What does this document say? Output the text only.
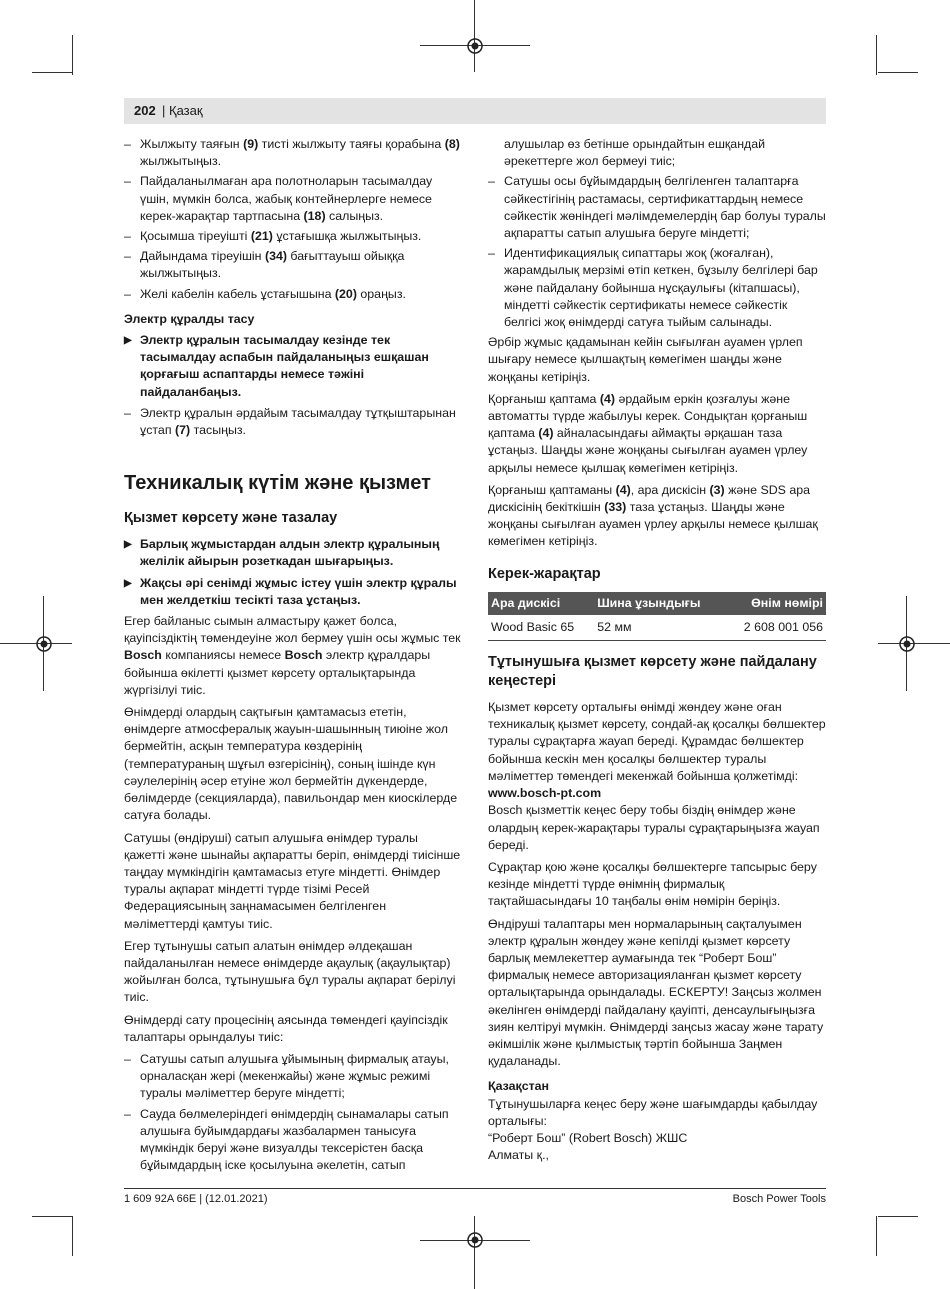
202 | Қазақ
– Жылжыту таяғын (9) тисті жылжыту таяғы қорабына (8) жылжытыңыз.
– Пайдаланылмаған ара полотноларын тасымалдау үшін, мүмкін болса, жабық контейнерлерге немесе керек-жарақтар тартпасына (18) салыңыз.
– Қосымша тіреуішті (21) ұстағышқа жылжытыңыз.
– Дайындама тіреуішін (34) бағыттауыш ойыққа жылжытыңыз.
– Желі кабелін кабель ұстағышына (20) ораңыз.
Электр құралды тасу
▶ Электр құралын тасымалдау кезінде тек тасымалдау аспабын пайдаланыңыз ешқашан қорғағыш аспаптарды немесе тәжіні пайдаланбаңыз.
– Электр құралын әрдайым тасымалдау тұтқыштарынан ұстап (7) тасыңыз.
Техникалық күтім және қызмет
Қызмет көрсету және тазалау
▶ Барлық жұмыстардан алдын электр құралының желілік айырын розеткадан шығарыңыз.
▶ Жақсы әрі сенімді жұмыс істеу үшін электр құралы мен желдеткіш тесікті таза ұстаңыз.

Егер байланыс сымын алмастыру қажет болса, қауіпсіздіктің төмендеуіне жол бермеу үшін осы жұмыс тек Bosch компаниясы немесе Bosch электр құралдары бойынша өкілетті қызмет көрсету орталықтарында жүргізілуі тиіс.

Өнімдерді олардың сақтығын қамтамасыз ететін, өнімдерге атмосфералық жауын-шашынның тиюіне жол бермейтін, асқын температура көздерінің (температураның шұғыл өзгерісінің), соның ішінде күн сәулелерінің әсер етуіне жол бермейтін дүкендерде, бөлімдерде (секцияларда), павильондар мен киоскілерде сатуға болады.

Сатушы (өндіруші) сатып алушыға өнімдер туралы қажетті және шынайы ақпаратты беріп, өнімдерді тиісінше таңдау мүмкіндігін қамтамасыз етуге міндетті. Өнімдер туралы ақпарат міндетті түрде тізімі Ресей Федерациясының заңнамасымен белгіленген мәліметтерді қамтуы тиіс.

Егер тұтынушы сатып алатын өнімдер әлдеқашан пайдаланылған немесе өнімдерде ақаулық (ақаулықтар) жойылған болса, тұтынушыға бұл туралы ақпарат берілуі тиіс.

Өнімдерді сату процесінің аясында төмендегі қауіпсіздік талаптары орындалуы тиіс:

– Сатушы сатып алушыға ұйымының фирмалық атауы, орналасқан жері (мекенжайы) және жұмыс режимі туралы мәліметтер беруге міндетті;
– Сауда бөлмелеріндегі өнімдердің сынамалары сатып алушыға буйымдардағы жазбалармен танысуға мүмкіндік беруі және визуалды тексерістен басқа бұйымдардың іске қосылуына әкелетін, сатып
алушылар өз бетінше орындайтын ешқандай әрекеттерге жол бермеуі тиіс;
– Сатушы осы бұйымдардың белгіленген талаптарға сәйкестігінің растамасы, сертификаттардың немесе сәйкестік жөніндегі мәлімдемелердің бар болуы туралы ақпаратты сатып алушыға беруге міндетті;
– Идентификациялық сипаттары жоқ (жоғалған), жарамдылық мерзімі өтіп кеткен, бұзылу белгілері бар және пайдалану бойынша нұсқаулығы (кітапшасы), міндетті сәйкестік сертификаты немесе сәйкестік белгісі жоқ өнімдерді сатуға тыйым салынады.

Әрбір жұмыс қадамынан кейін сығылған ауамен үрлеп шығару немесе қылшақтың көмегімен шаңды және жоңқаны кетіріңіз.

Қорғаныш қаптама (4) әрдайым еркін қозғалуы және автоматты түрде жабылуы керек. Сондықтан қорғаныш қаптама (4) айналасындағы аймақты әрқашан таза ұстаңыз. Шаңды және жоңқаны сығылған ауамен үрлеу арқылы немесе қылшақ көмегімен кетіріңіз.

Қорғаныш қаптаманы (4), ара дискісін (3) және SDS ара дискісінің бекіткішін (33) таза ұстаңыз. Шаңды және жоңқаны сығылған ауамен үрлеу арқылы немесе қылшақ көмегімен кетіріңіз.

Керек-жарақтар
Ара дискісі	Шина ұзындығы	Өнім нөмірі
Wood Basic 65	52 мм	2 608 001 056
Тұтынушыға қызмет көрсету және пайдалану кеңестері
Қызмет көрсету орталығы өнімді жөндеу және оған техникалық қызмет көрсету, сондай-ақ қосалқы бөлшектер туралы сұрақтарға жауап береді. Құрамдас бөлшектер бойынша кескін мен қосалқы бөлшектер туралы мәліметтер төмендегі мекенжай бойынша қолжетімді: www.bosch-pt.com

Bosch қызметтік кеңес беру тобы біздің өнімдер және олардың керек-жарақтары туралы сұрақтарыңызға жауап береді.

Сұрақтар қою және қосалқы бөлшектерге тапсырыс беру кезінде міндетті түрде өнімнің фирмалық тақтайшасындағы 10 таңбалы өнім нөмірін беріңіз.

Өндіруші талаптары мен нормаларының сақталуымен электр құралын жөндеу және кепілді қызмет көрсету барлық мемлекеттер аумағында тек “Роберт Бош” фирмалық немесе авторизацияланған қызмет көрсету орталықтарында орындалады. ЕСКЕРТУ! Заңсыз жолмен әкелінген өнімдерді пайдалану қауіпті, денсаулығыңызға зиян келтіруі мүмкін. Өнімдерді заңсыз жасау және тарату әкімшілік және қылмыстық тәртіп бойынша Заңмен қудаланады.

Қазақстан
Тұтынушыларға кеңес беру және шағымдарды қабылдау орталығы:
“Роберт Бош” (Robert Bosch) ЖШС
Алматы қ.,
1 609 92A 66E | (12.01.2021)	Bosch Power Tools
